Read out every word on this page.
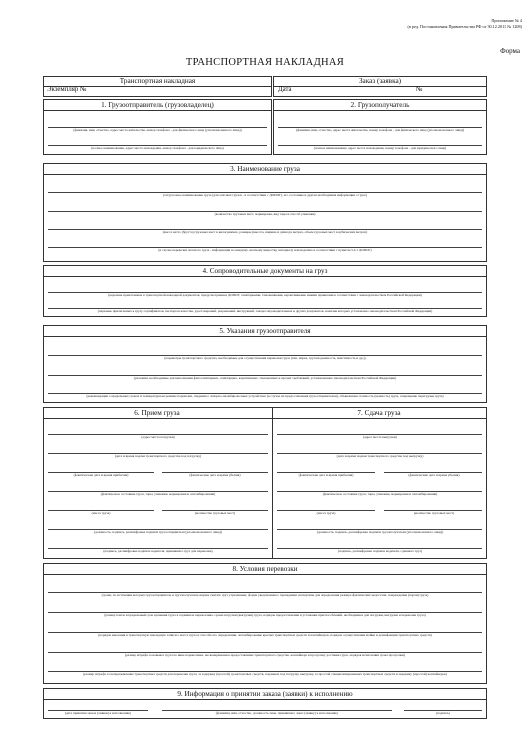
Приложение № 4
(в ред. Постановления Правительства РФ от 30.12.2011 № 1208)
Форма
ТРАНСПОРТНАЯ НАКЛАДНАЯ
Транспортная накладная
Экземпляр №
Заказ (заявка)
Дата	№
1. Грузоотправитель (грузовладелец)
(фамилия, имя, отчество, адрес места жительства, номер телефона - для физического лица (уполномоченного лица))
(полное наименование, адрес места нахождения, номер телефона - для юридического лица)
2. Грузополучатель
(фамилия, имя, отчество, адрес места жительства, номер телефона - для физического лица (уполномоченного лица))
(полное наименование, адрес места нахождения, номер телефона - для юридического лица)
3. Наименование груза
(отгрузочное наименование груза (для опасных грузов - в соответствии с ДОПОГ), его состояние и другая необходимая информация о грузе)
(количество грузовых мест, маркировка, вид тары и способ упаковки)
(масса нетто (брутто) грузовых мест в килограммах, размеры (высота, ширина и длина) в метрах, объем грузовых мест в кубических метрах)
(в случае перевозки опасного груза - информация по каждому опасному веществу, материалу или изделию в соответствии с пунктом 5.4.1 ДОПОГ)
4. Сопроводительные документы на груз
(перечень прилагаемых к транспортной накладной документов, предусмотренных ДОПОГ, санитарными, таможенными, карантинными, иными правилами в соответствии с законодательством Российской Федерации)
(перечень прилагаемых к грузу сертификатов, паспортов качества, удостоверений, разрешений, инструкций, товаросопроводительных и других документов, наличие которых установлено законодательством Российской Федерации)
5. Указания грузоотправителя
(параметры транспортного средства, необходимые для осуществления перевозки груза (тип, марка, грузоподъемность, вместимость и др.))
(указания, необходимые для выполнения фитосанитарных, санитарных, карантинных, таможенных и прочих требований, установленных законодательством Российской Федерации)
(рекомендации о предельных сроках и температурном режиме перевозки, сведения о запорно-пломбировочных устройствах (в случае их предоставления грузоотправителем), объявленная стоимость (ценность) груза, запрещение перегрузки груза)
6. Прием груза
(адрес места погрузки)
(дата и время подачи транспортного средства под погрузку)
(фактические дата и время прибытия)	(фактические дата и время убытия)
(фактическое состояние груза, тары, упаковки, маркировки и опломбирования)
(масса груза)	(количество грузовых мест)
(должность, подпись, расшифровка подписи грузоотправителя (уполномоченного лица))
(подпись, расшифровка подписи водителя, принявшего груз для перевозки)
7. Сдача груза
(адрес места выгрузки)
(дата и время подачи транспортного средства под выгрузку)
(фактические дата и время прибытия)	(фактические дата и время убытия)
(фактическое состояние груза, тары, упаковки, маркировки и опломбирования)
(масса груза)	(количество грузовых мест)
(должность, подпись, расшифровка подписи грузополучателя (уполномоченного лица))
(подпись, расшифровка подписи водителя, сдавшего груз)
8. Условия перевозки
(сроки, по истечении которых грузоотправитель и грузополучатель вправе считать груз утраченным, форма уведомления о проведении экспертизы для определения размера фактических недостачи, повреждения (порчи) груза)
(размер платы и предельный срок хранения груза в терминале перевозчика, сроки погрузки (выгрузки) груза, порядок предоставления и установки приспособлений, необходимых для погрузки, выгрузки и перевозки груза)
(порядок внесения в транспортную накладную записи о массе груза и способе его определения, опломбирование крытых транспортных средств и контейнеров, порядок осуществления мойки и дезинфекции транспортных средств)
(размер штрафа за невывоз груза по вине перевозчика, несвоевременное предоставление транспортного средства, контейнера и просрочку доставки груза, порядок исчисления срока просрочки)
(размер штрафа за непредъявление транспортных средств для перевозки груза, за задержку (простой) транспортных средств, поданных под погрузку, выгрузку, за простой специализированных транспортных средств и задержку (простой) контейнеров)
9. Информация о принятии заказа (заявки) к исполнению
(дата принятия заказа (заявки) к исполнению)	(фамилия, имя, отчество, должность лица, принявшего заказ (заявку) к исполнению)	(подпись)
